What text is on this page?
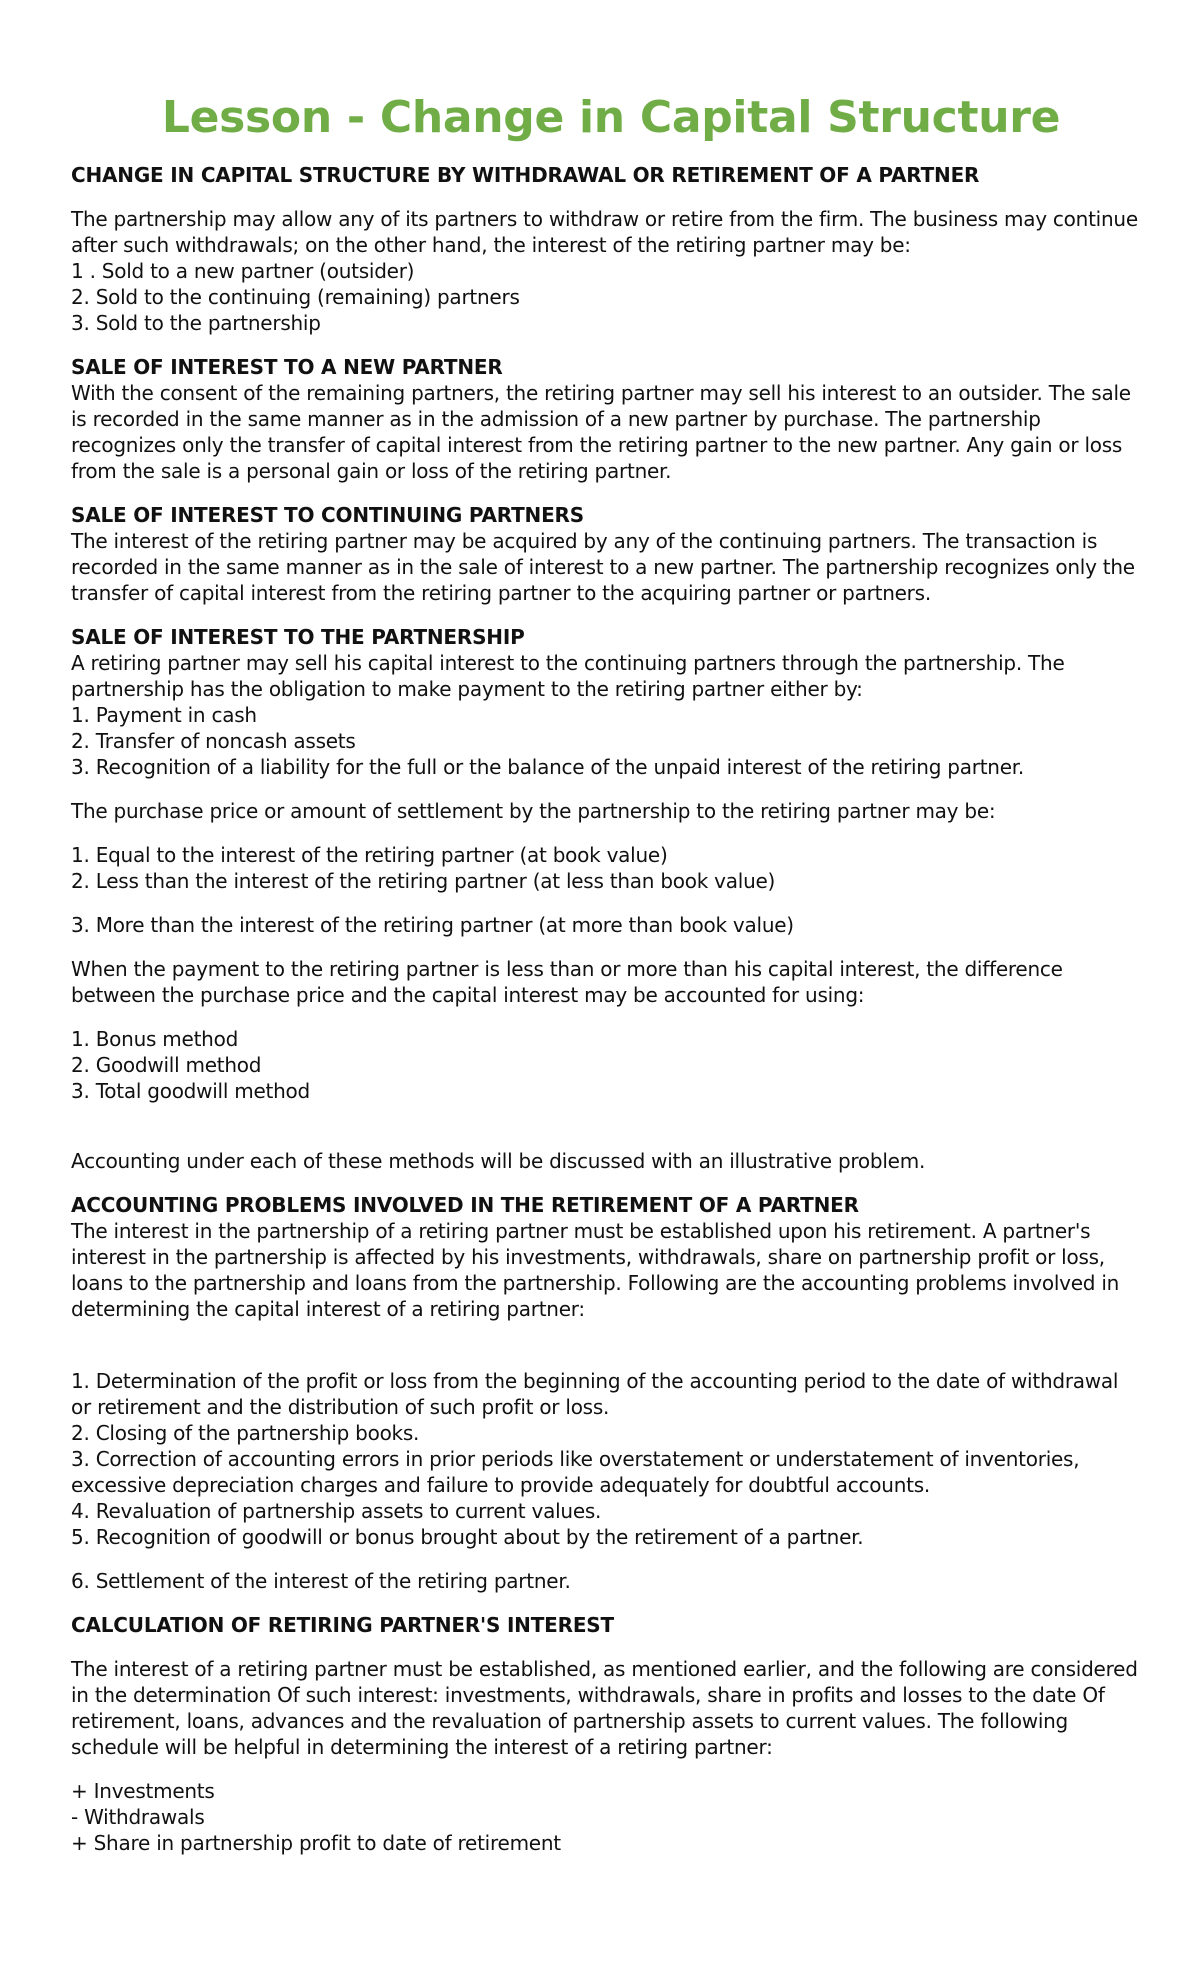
Lesson - Change in Capital Structure

CHANGE IN CAPITAL STRUCTURE BY WITHDRAWAL OR RETIREMENT OF A PARTNER

The partnership may allow any of its partners to withdraw or retire from the firm. The business may continue after such withdrawals; on the other hand, the interest of the retiring partner may be:

1 . Sold to a new partner (outsider)

2. Sold to the continuing (remaining) partners

3. Sold to the partnership

SALE OF INTEREST TO A NEW PARTNER

With the consent of the remaining partners, the retiring partner may sell his interest to an outsider. The sale is recorded in the same manner as in the admission of a new partner by purchase. The partnership recognizes only the transfer of capital interest from the retiring partner to the new partner. Any gain or loss from the sale is a personal gain or loss of the retiring partner.

SALE OF INTEREST TO CONTINUING PARTNERS

The interest of the retiring partner may be acquired by any of the continuing partners. The transaction is recorded in the same manner as in the sale of interest to a new partner. The partnership recognizes only the transfer of capital interest from the retiring partner to the acquiring partner or partners.

SALE OF INTEREST TO THE PARTNERSHIP

A retiring partner may sell his capital interest to the continuing partners through the partnership. The partnership has the obligation to make payment to the retiring partner either by:

1. Payment in cash

2. Transfer of noncash assets

3. Recognition of a liability for the full or the balance of the unpaid interest of the retiring partner.

The purchase price or amount of settlement by the partnership to the retiring partner may be:

1. Equal to the interest of the retiring partner (at book value)

2. Less than the interest of the retiring partner (at less than book value)

3. More than the interest of the retiring partner (at more than book value)

When the payment to the retiring partner is less than or more than his capital interest, the difference between the purchase price and the capital interest may be accounted for using:

1. Bonus method

2. Goodwill method

3. Total goodwill method

Accounting under each of these methods will be discussed with an illustrative problem.

ACCOUNTING PROBLEMS INVOLVED IN THE RETIREMENT OF A PARTNER

The interest in the partnership of a retiring partner must be established upon his retirement. A partner's interest in the partnership is affected by his investments, withdrawals, share on partnership profit or loss, loans to the partnership and loans from the partnership. Following are the accounting problems involved in determining the capital interest of a retiring partner:

1. Determination of the profit or loss from the beginning of the accounting period to the date of withdrawal or retirement and the distribution of such profit or loss.

2. Closing of the partnership books.

3. Correction of accounting errors in prior periods like overstatement or understatement of inventories, excessive depreciation charges and failure to provide adequately for doubtful accounts.

4. Revaluation of partnership assets to current values.

5. Recognition of goodwill or bonus brought about by the retirement of a partner.

6. Settlement of the interest of the retiring partner.

CALCULATION OF RETIRING PARTNER'S INTEREST

The interest of a retiring partner must be established, as mentioned earlier, and the following are considered in the determination Of such interest: investments, withdrawals, share in profits and losses to the date Of retirement, loans, advances and the revaluation of partnership assets to current values. The following schedule will be helpful in determining the interest of a retiring partner:

+ Investments

- Withdrawals

+ Share in partnership profit to date of retirement
